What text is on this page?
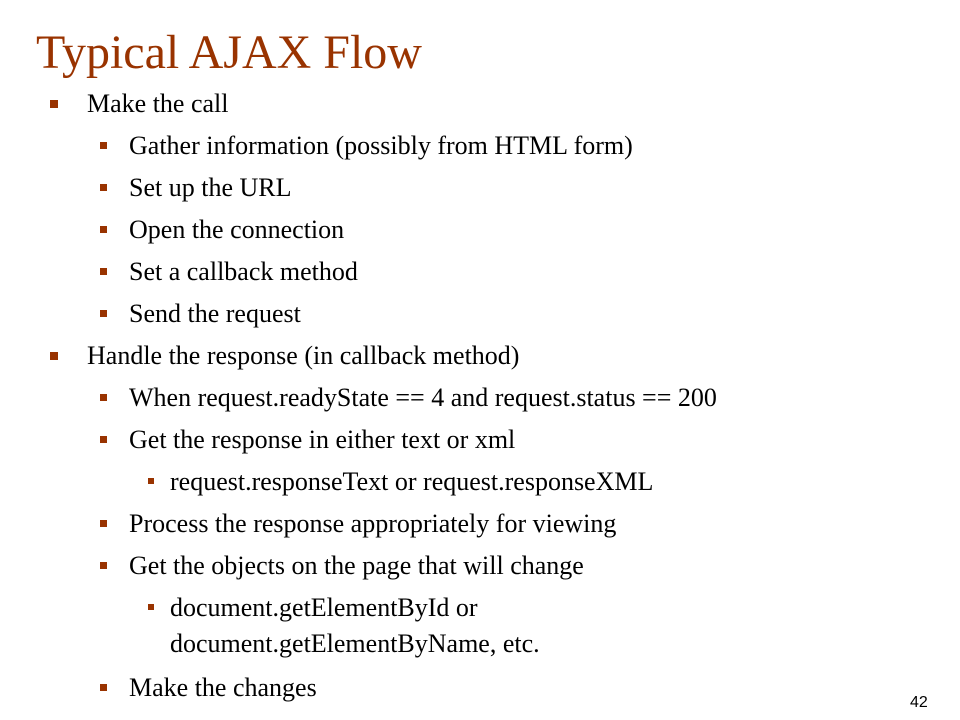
Typical AJAX Flow
Make the call
Gather information (possibly from HTML form)
Set up the URL
Open the connection
Set a callback method
Send the request
Handle the response (in callback method)
When request.readyState == 4 and request.status == 200
Get the response in either text or xml
request.responseText or request.responseXML
Process the response appropriately for viewing
Get the objects on the page that will change
document.getElementById or
document.getElementByName, etc.
Make the changes
42
